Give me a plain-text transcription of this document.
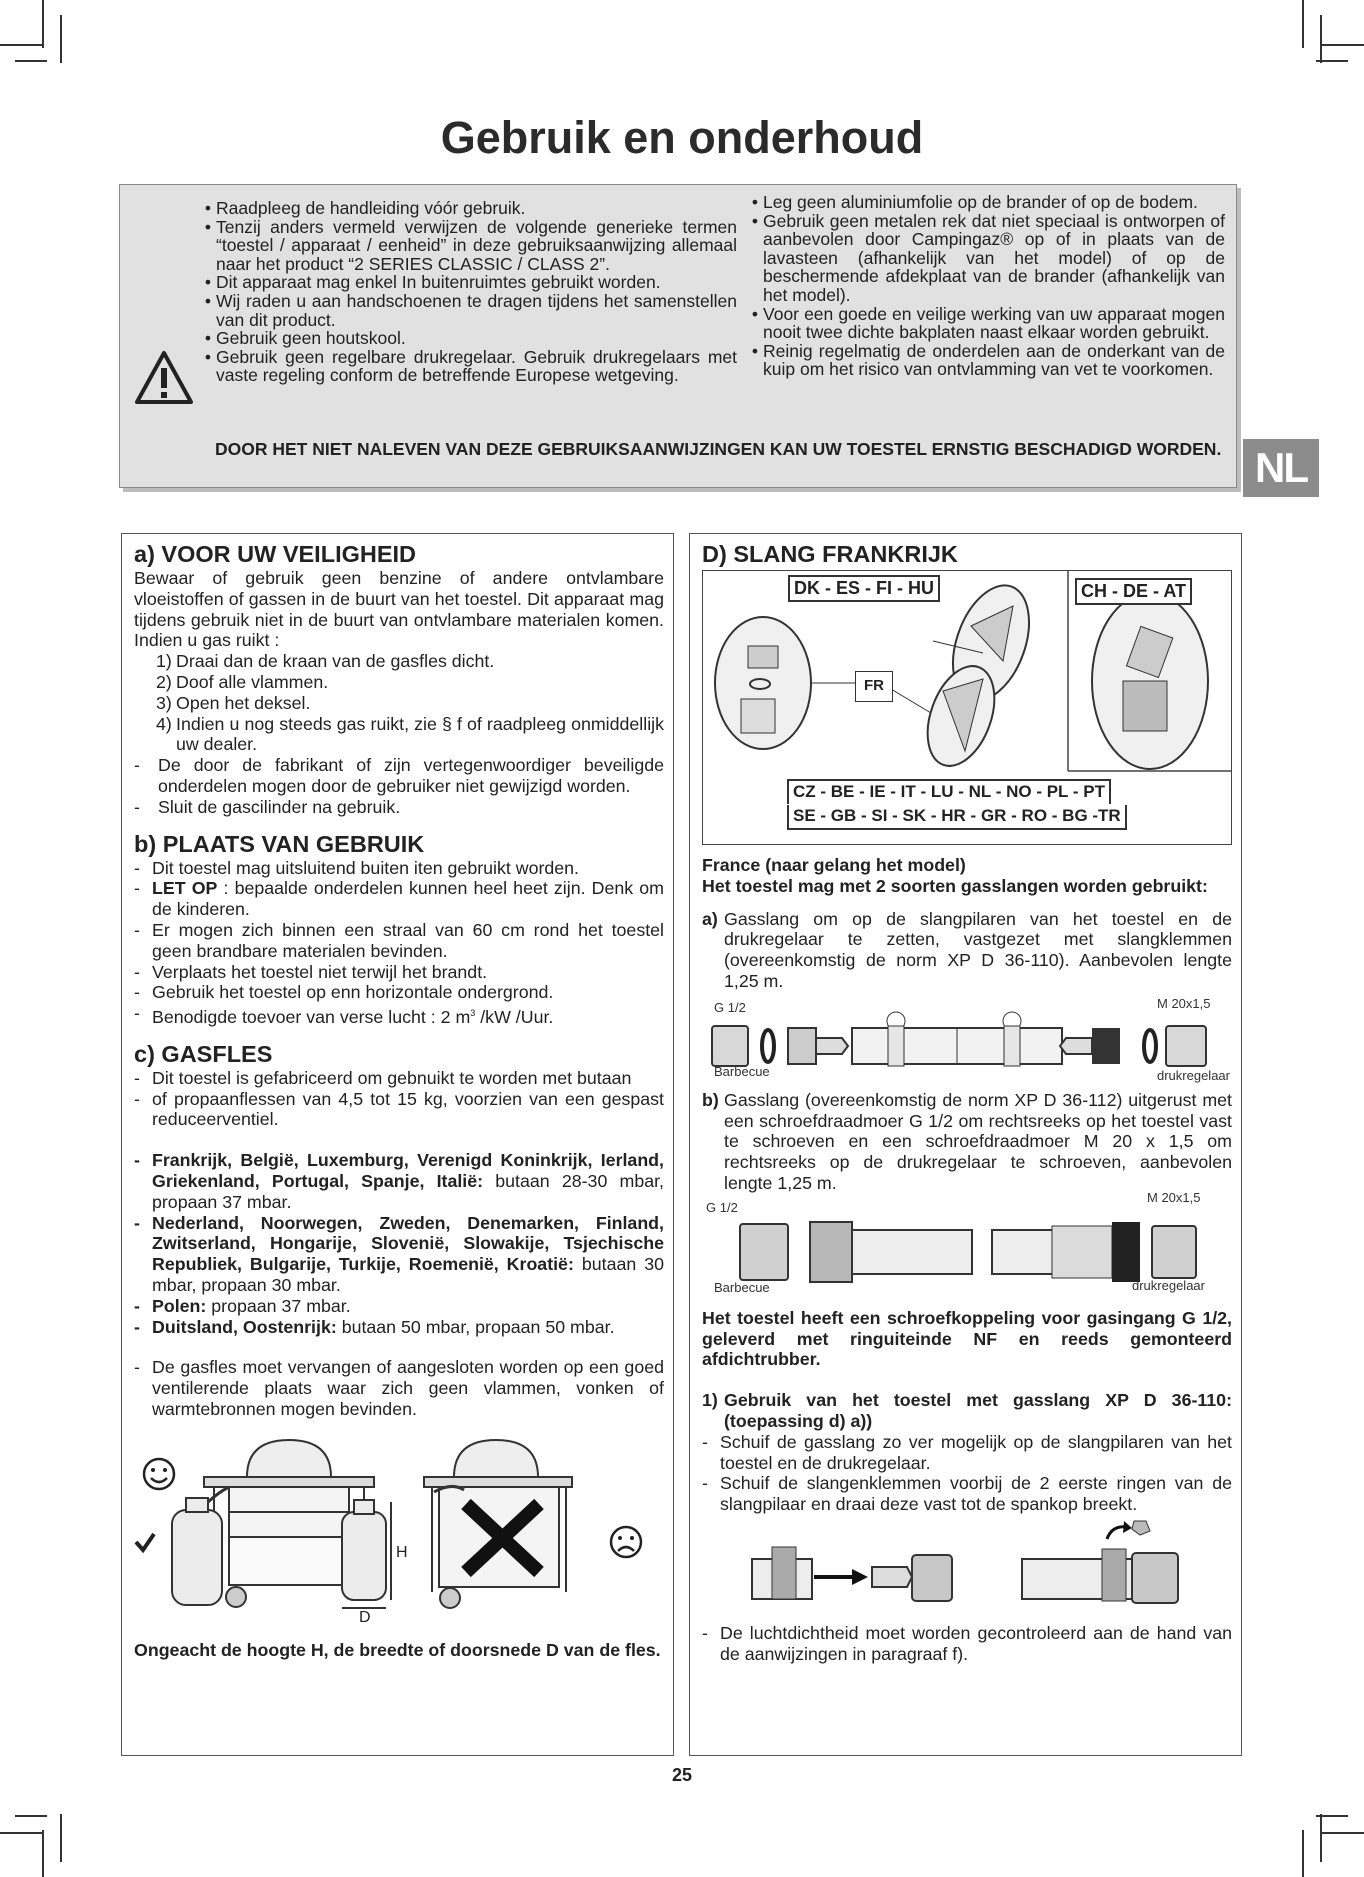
Gebruik en onderhoud
• Raadpleeg de handleiding vóór gebruik.
• Tenzij anders vermeld verwijzen de volgende generieke termen “toestel / apparaat / eenheid” in deze gebruiksaanwijzing allemaal naar het product “2 SERIES CLASSIC / CLASS 2”.
• Dit apparaat mag enkel In buitenruimtes gebruikt worden.
• Wij raden u aan handschoenen te dragen tijdens het samenstellen van dit product.
• Gebruik geen houtskool.
• Gebruik geen regelbare drukregelaar. Gebruik drukregelaars met vaste regeling conform de betreffende Europese wetgeving.
• Leg geen aluminiumfolie op de brander of op de bodem.
• Gebruik geen metalen rek dat niet speciaal is ontworpen of aanbevolen door Campingaz® op of in plaats van de lavasteen (afhankelijk van het model) of op de beschermende afdekplaat van de brander (afhankelijk van het model).
• Voor een goede en veilige werking van uw apparaat mogen nooit twee dichte bakplaten naast elkaar worden gebruikt.
• Reinig regelmatig de onderdelen aan de onderkant van de kuip om het risico van ontvlamming van vet te voorkomen.
DOOR HET NIET NALEVEN VAN DEZE GEBRUIKSAANWIJZINGEN KAN UW TOESTEL ERNSTIG BESCHADIGD WORDEN. NL
a) VOOR UW VEILIGHEID
Bewaar of gebruik geen benzine of andere ontvlambare vloeistoffen of gassen in de buurt van het toestel. Dit apparaat mag tijdens gebruik niet in de buurt van ontvlambare materialen komen. Indien u gas ruikt :
1) Draai dan de kraan van de gasfles dicht.
2) Doof alle vlammen.
3) Open het deksel.
4) Indien u nog steeds gas ruikt, zie § f of raadpleeg onmiddellijk uw dealer.
-	De door de fabrikant of zijn vertegenwoordiger beveiligde onderdelen mogen door de gebruiker niet gewijzigd worden.
-	Sluit de gascilinder na gebruik.
b) PLAATS VAN GEBRUIK
- Dit toestel mag uitsluitend buiten iten gebruikt worden.
- LET OP : bepaalde onderdelen kunnen heel heet zijn. Denk om de kinderen.
- Er mogen zich binnen een straal van 60 cm rond het toestel geen brandbare materialen bevinden.
- Verplaats het toestel niet terwijl het brandt.
- Gebruik het toestel op enn horizontale ondergrond.
- Benodigde toevoer van verse lucht : 2 $m^3$ /kW /Uur.
c) GASFLES
- Dit toestel is gefabriceerd om gebnuikt te worden met butaan
- of propaanflessen van 4,5 tot 15 kg, voorzien van een gespast reduceerventiel.
- Frankrijk, België, Luxemburg, Verenigd Koninkrijk, Ierland, Griekenland, Portugal, Spanje, Italië: butaan 28-30 mbar, propaan 37 mbar.
- Nederland, Noorwegen, Zweden, Denemarken, Finland, Zwitserland, Hongarije, Slovenië, Slowakije, Tsjechische Republiek, Bulgarije, Turkije, Roemenië, Kroatië: butaan 30 mbar, propaan 30 mbar.
- Polen: propaan 37 mbar.
- Duitsland, Oostenrijk: butaan 50 mbar, propaan 50 mbar.
- De gasfles moet vervangen of aangesloten worden op een goed ventilerende plaats waar zich geen vlammen, vonken of warmtebronnen mogen bevinden.
H
D
Ongeacht de hoogte H, de breedte of doorsnede D van de fles.
D) SLANG FRANKRIJK
DK - ES - FI - HU	CH - DE - AT
FR
CZ - BE - IE - IT - LU - NL - NO - PL - PT
SE - GB - SI - SK - HR - GR - RO - BG -TR
France (naar gelang het model)
Het toestel mag met 2 soorten gasslangen worden gebruikt:
a) Gasslang om op de slangpilaren van het toestel en de drukregelaar te zetten, vastgezet met slangklemmen (overeenkomstig de norm XP D 36-110). Aanbevolen lengte 1,25 m.
G 1/2	M 20x1,5
Barbecue	drukregelaar
b) Gasslang (overeenkomstig de norm XP D 36-112) uitgerust met een schroefdraadmoer G 1/2 om rechtsreeks op het toestel vast te schroeven en een schroefdraadmoer M 20 x 1,5 om rechtsreeks op de drukregelaar te schroeven, aanbevolen lengte 1,25 m.
G 1/2
M 20x1,5
Barbecue	drukregelaar
Het toestel heeft een schroefkoppeling voor gasingang G 1/2, geleverd met ringuiteinde NF en reeds gemonteerd afdichtrubber.
1) Gebruik van het toestel met gasslang XP D 36-110: (toepassing d) a))
- Schuif de gasslang zo ver mogelijk op de slangpilaren van het toestel en de drukregelaar.
- Schuif de slangenklemmen voorbij de 2 eerste ringen van de slangpilaar en draai deze vast tot de spankop breekt.
- De luchtdichtheid moet worden gecontroleerd aan de hand van de aanwijzingen in paragraaf f).
25
